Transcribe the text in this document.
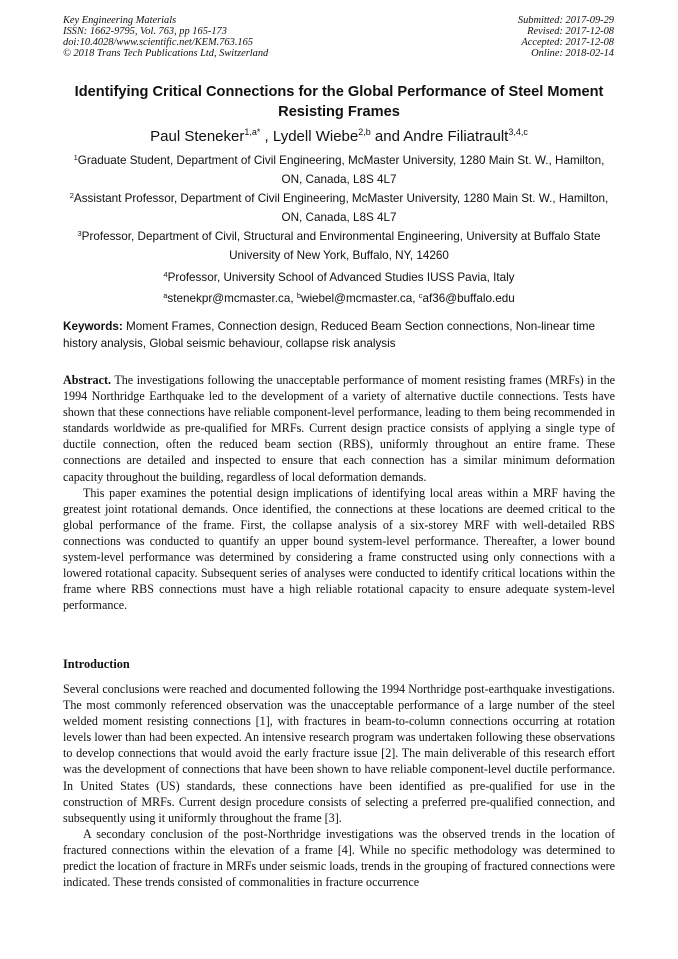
Key Engineering Materials
ISSN: 1662-9795, Vol. 763, pp 165-173
doi:10.4028/www.scientific.net/KEM.763.165
© 2018 Trans Tech Publications Ltd, Switzerland
Submitted: 2017-09-29
Revised: 2017-12-08
Accepted: 2017-12-08
Online: 2018-02-14
Identifying Critical Connections for the Global Performance of Steel Moment Resisting Frames
Paul Steneker$^{1,a*}$ , Lydell Wiebe$^{2,b}$ and Andre Filiatrault$^{3,4,c}$
$^1$Graduate Student, Department of Civil Engineering, McMaster University, 1280 Main St. W., Hamilton, ON, Canada, L8S 4L7
$^2$Assistant Professor, Department of Civil Engineering, McMaster University, 1280 Main St. W., Hamilton, ON, Canada, L8S 4L7
$^3$Professor, Department of Civil, Structural and Environmental Engineering, University at Buffalo State University of New York, Buffalo, NY, 14260
$^4$Professor, University School of Advanced Studies IUSS Pavia, Italy
$^a$stenekpr@mcmaster.ca, $^b$wiebel@mcmaster.ca, $^c$af36@buffalo.edu
Keywords: Moment Frames, Connection design, Reduced Beam Section connections, Non-linear time history analysis, Global seismic behaviour, collapse risk analysis

Abstract. The investigations following the unacceptable performance of moment resisting frames (MRFs) in the 1994 Northridge Earthquake led to the development of a variety of alternative ductile connections. Tests have shown that these connections have reliable component-level performance, leading to them being recommended in standards worldwide as pre-qualified for MRFs. Current design practice consists of applying a single type of ductile connection, often the reduced beam section (RBS), uniformly throughout an entire frame. These connections are detailed and inspected to ensure that each connection has a similar minimum deformation capacity throughout the building, regardless of local deformation demands.

This paper examines the potential design implications of identifying local areas within a MRF having the greatest joint rotational demands. Once identified, the connections at these locations are deemed critical to the global performance of the frame. First, the collapse analysis of a six-storey MRF with well-detailed RBS connections was conducted to quantify an upper bound system-level performance. Thereafter, a lower bound system-level performance was determined by considering a frame constructed using only connections with a lowered rotational capacity. Subsequent series of analyses were conducted to identify critical locations within the frame where RBS connections must have a high reliable rotational capacity to ensure adequate system-level performance.

Introduction

Several conclusions were reached and documented following the 1994 Northridge post-earthquake investigations. The most commonly referenced observation was the unacceptable performance of a large number of the steel welded moment resisting connections [1], with fractures in beam-to-column connections occurring at rotation levels lower than had been expected. An intensive research program was undertaken following these observations to develop connections that would avoid the early fracture issue [2]. The main deliverable of this research effort was the development of connections that have been shown to have reliable component-level ductile performance. In United States (US) standards, these connections have been identified as pre-qualified for use in the construction of MRFs. Current design procedure consists of selecting a preferred pre-qualified connection, and subsequently using it uniformly throughout the frame [3].

A secondary conclusion of the post-Northridge investigations was the observed trends in the location of fractured connections within the elevation of a frame [4]. While no specific methodology was determined to predict the location of fracture in MRFs under seismic loads, trends in the grouping of fractured connections were indicated. These trends consisted of commonalities in fracture occurrence
